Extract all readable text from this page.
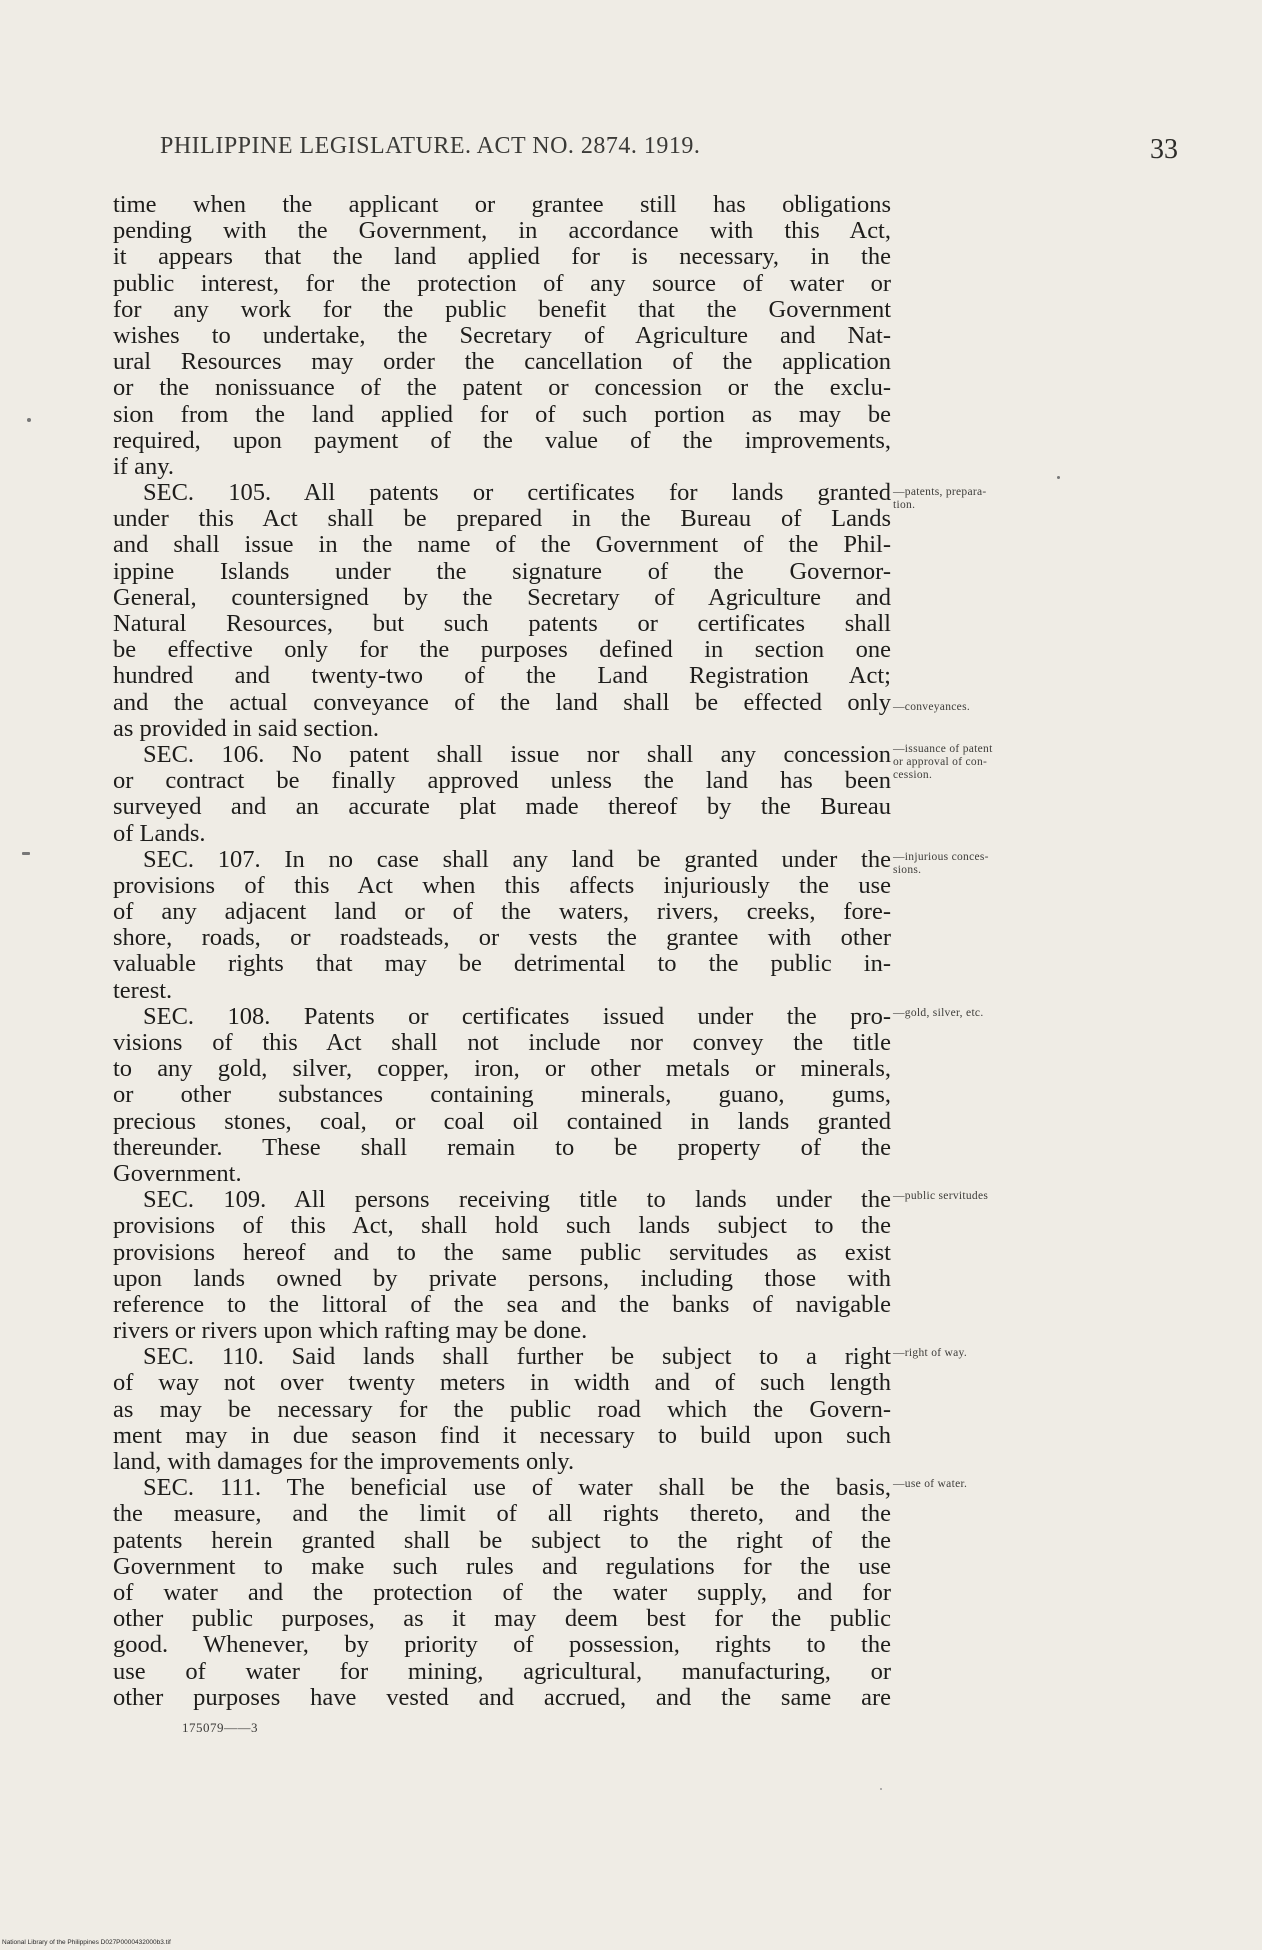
PHILIPPINE LEGISLATURE. ACT NO. 2874. 1919.	33
time when the applicant or grantee still has obligations
pending with the Government, in accordance with this Act,
it appears that the land applied for is necessary, in the
public interest, for the protection of any source of water or
for any work for the public benefit that the Government
wishes to undertake, the Secretary of Agriculture and Nat-
ural Resources may order the cancellation of the application
or the nonissuance of the patent or concession or the exclu-
sion from the land applied for of such portion as may be
required, upon payment of the value of the improvements,
if any.
SEC. 105. All patents or certificates for lands granted
under this Act shall be prepared in the Bureau of Lands
and shall issue in the name of the Government of the Phil-
ippine Islands under the signature of the Governor-
General, countersigned by the Secretary of Agriculture and
Natural Resources, but such patents or certificates shall
be effective only for the purposes defined in section one
hundred and twenty-two of the Land Registration Act;
and the actual conveyance of the land shall be effected only
as provided in said section.
SEC. 106. No patent shall issue nor shall any concession
or contract be finally approved unless the land has been
surveyed and an accurate plat made thereof by the Bureau
of Lands.
SEC. 107. In no case shall any land be granted under the
provisions of this Act when this affects injuriously the use
of any adjacent land or of the waters, rivers, creeks, fore-
shore, roads, or roadsteads, or vests the grantee with other
valuable rights that may be detrimental to the public in-
terest.
SEC. 108. Patents or certificates issued under the pro-
visions of this Act shall not include nor convey the title
to any gold, silver, copper, iron, or other metals or minerals,
or other substances containing minerals, guano, gums,
precious stones, coal, or coal oil contained in lands granted
thereunder. These shall remain to be property of the
Government.
SEC. 109. All persons receiving title to lands under the
provisions of this Act, shall hold such lands subject to the
provisions hereof and to the same public servitudes as exist
upon lands owned by private persons, including those with
reference to the littoral of the sea and the banks of navigable
rivers or rivers upon which rafting may be done.
SEC. 110. Said lands shall further be subject to a right
of way not over twenty meters in width and of such length
as may be necessary for the public road which the Govern-
ment may in due season find it necessary to build upon such
land, with damages for the improvements only.
SEC. 111. The beneficial use of water shall be the basis,
the measure, and the limit of all rights thereto, and the
patents herein granted shall be subject to the right of the
Government to make such rules and regulations for the use
of water and the protection of the water supply, and for
other public purposes, as it may deem best for the public
good. Whenever, by priority of possession, rights to the
use of water for mining, agricultural, manufacturing, or
other purposes have vested and accrued, and the same are
—patents, prepara-
tion.
—conveyances.
—issuance of patent
or approval of con-
cession.
—injurious conces-
sions.
—gold, silver, etc.
—public servitudes
—right of way.
—use of water.
175079——3
National Library of the Philippines D027P0000432000b3.tif
